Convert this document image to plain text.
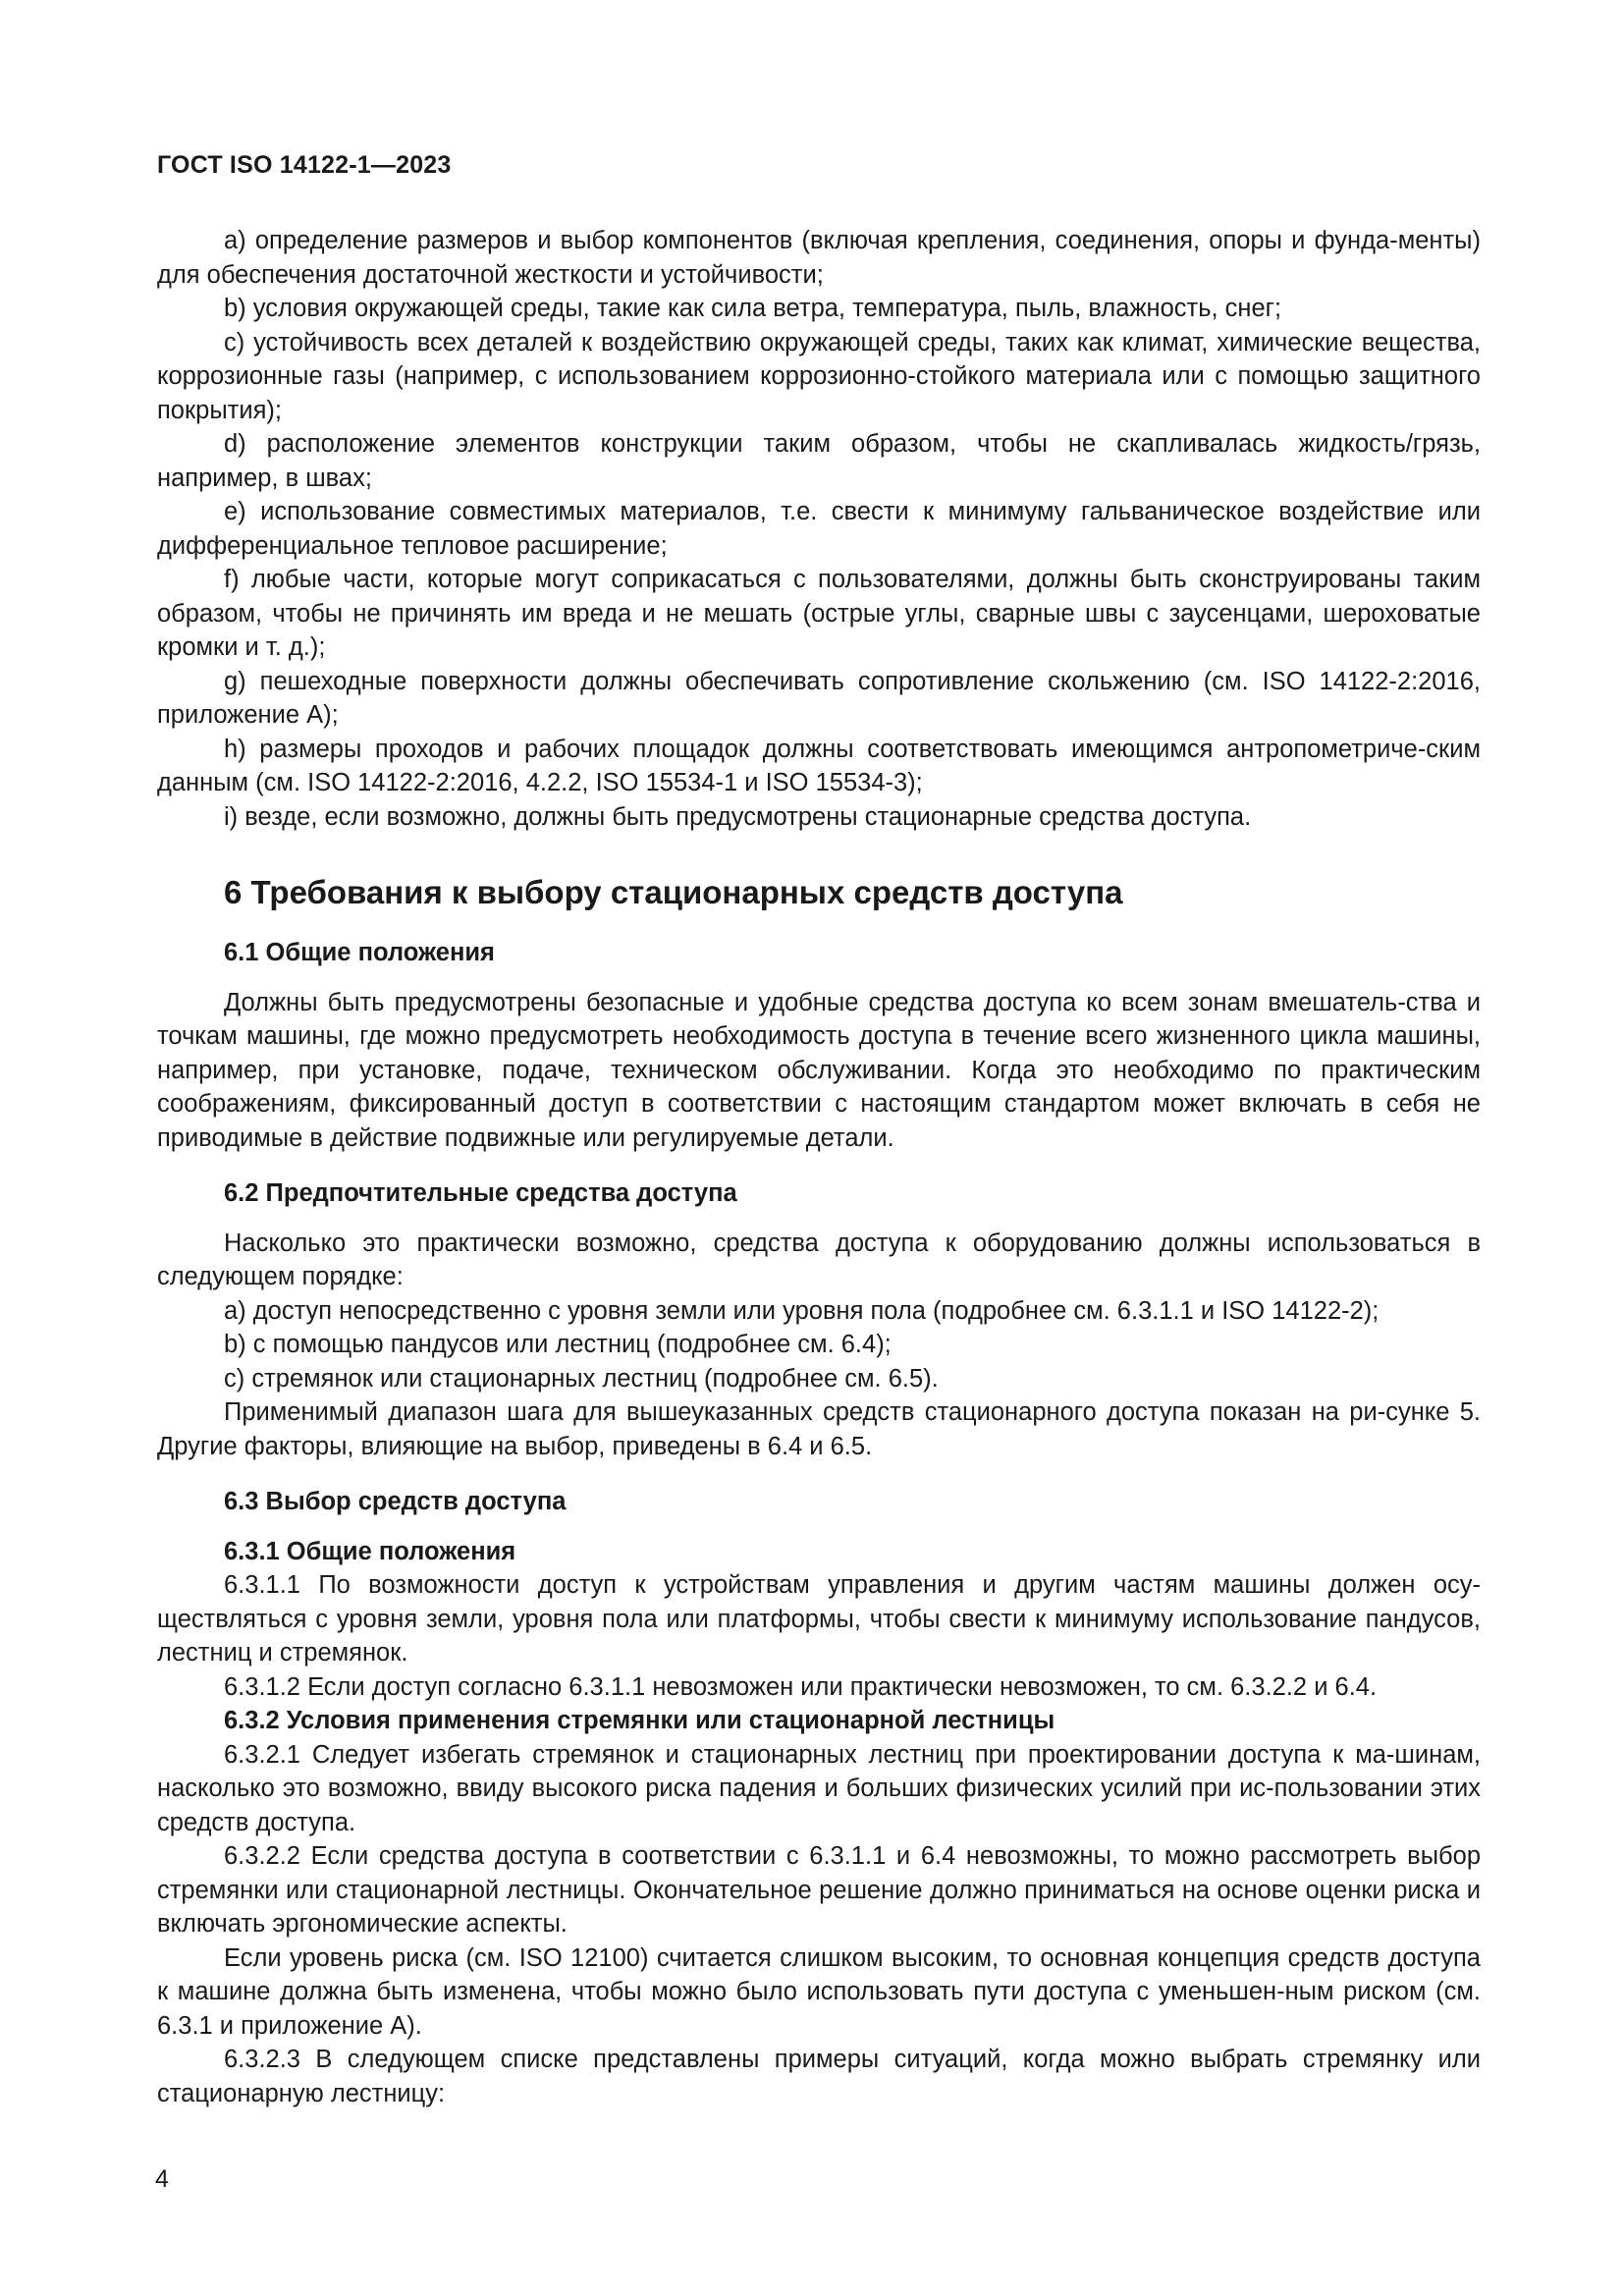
ГОСТ ISO 14122-1—2023

a) определение размеров и выбор компонентов (включая крепления, соединения, опоры и фунда-менты) для обеспечения достаточной жесткости и устойчивости;

b) условия окружающей среды, такие как сила ветра, температура, пыль, влажность, снег;

c) устойчивость всех деталей к воздействию окружающей среды, таких как климат, химические вещества, коррозионные газы (например, с использованием коррозионно-стойкого материала или с помощью защитного покрытия);

d) расположение элементов конструкции таким образом, чтобы не скапливалась жидкость/грязь, например, в швах;

e) использование совместимых материалов, т.е. свести к минимуму гальваническое воздействие или дифференциальное тепловое расширение;

f) любые части, которые могут соприкасаться с пользователями, должны быть сконструированы таким образом, чтобы не причинять им вреда и не мешать (острые углы, сварные швы с заусенцами, шероховатые кромки и т. д.);

g) пешеходные поверхности должны обеспечивать сопротивление скольжению (см. ISO 14122-2:2016, приложение A);

h) размеры проходов и рабочих площадок должны соответствовать имеющимся антропометриче-ским данным (см. ISO 14122-2:2016, 4.2.2, ISO 15534-1 и ISO 15534-3);

i) везде, если возможно, должны быть предусмотрены стационарные средства доступа.

6 Требования к выбору стационарных средств доступа
6.1 Общие положения

Должны быть предусмотрены безопасные и удобные средства доступа ко всем зонам вмешатель-ства и точкам машины, где можно предусмотреть необходимость доступа в течение всего жизненного цикла машины, например, при установке, подаче, техническом обслуживании. Когда это необходимо по практическим соображениям, фиксированный доступ в соответствии с настоящим стандартом может включать в себя не приводимые в действие подвижные или регулируемые детали.

6.2 Предпочтительные средства доступа

Насколько это практически возможно, средства доступа к оборудованию должны использоваться в следующем порядке:

a) доступ непосредственно с уровня земли или уровня пола (подробнее см. 6.3.1.1 и ISO 14122-2);

b) с помощью пандусов или лестниц (подробнее см. 6.4);

c) стремянок или стационарных лестниц (подробнее см. 6.5).

Применимый диапазон шага для вышеуказанных средств стационарного доступа показан на ри-сунке 5. Другие факторы, влияющие на выбор, приведены в 6.4 и 6.5.

6.3 Выбор средств доступа
6.3.1 Общие положения

6.3.1.1 По возможности доступ к устройствам управления и другим частям машины должен осу-ществляться с уровня земли, уровня пола или платформы, чтобы свести к минимуму использование пандусов, лестниц и стремянок.

6.3.1.2 Если доступ согласно 6.3.1.1 невозможен или практически невозможен, то см. 6.3.2.2 и 6.4.

6.3.2 Условия применения стремянки или стационарной лестницы

6.3.2.1 Следует избегать стремянок и стационарных лестниц при проектировании доступа к ма-шинам, насколько это возможно, ввиду высокого риска падения и больших физических усилий при ис-пользовании этих средств доступа.

6.3.2.2 Если средства доступа в соответствии с 6.3.1.1 и 6.4 невозможны, то можно рассмотреть выбор стремянки или стационарной лестницы. Окончательное решение должно приниматься на основе оценки риска и включать эргономические аспекты.

Если уровень риска (см. ISO 12100) считается слишком высоким, то основная концепция средств доступа к машине должна быть изменена, чтобы можно было использовать пути доступа с уменьшен-ным риском (см. 6.3.1 и приложение A).

6.3.2.3 В следующем списке представлены примеры ситуаций, когда можно выбрать стремянку или стационарную лестницу:

4
